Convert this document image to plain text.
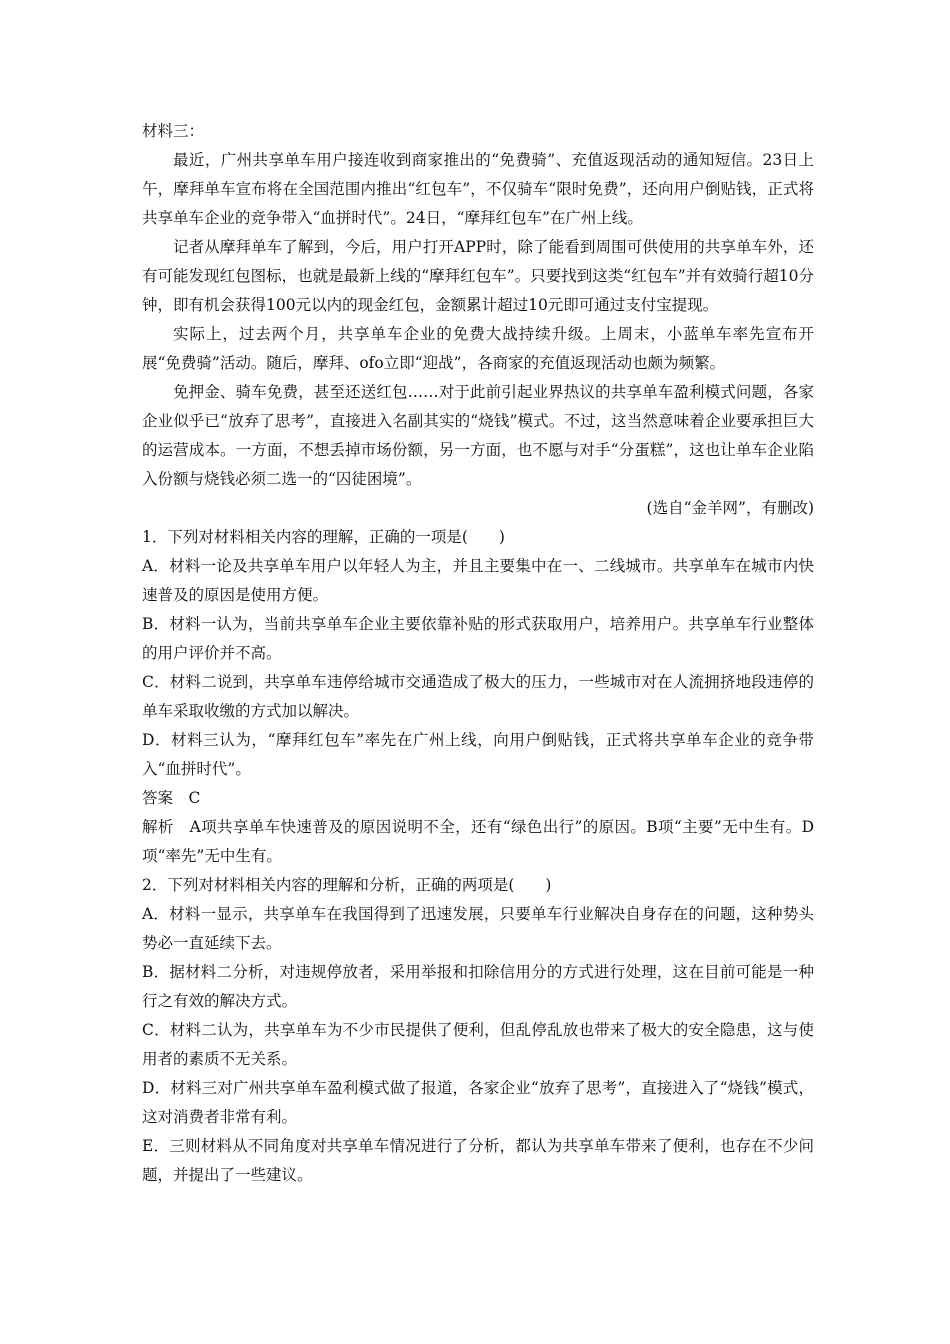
材料三：
最近，广州共享单车用户接连收到商家推出的“免费骑”、充值返现活动的通知短信。23日上午，摩拜单车宣布将在全国范围内推出“红包车”，不仅骑车“限时免费”，还向用户倒贴钱，正式将共享单车企业的竞争带入“血拼时代”。24日，“摩拜红包车”在广州上线。
记者从摩拜单车了解到，今后，用户打开APP时，除了能看到周围可供使用的共享单车外，还有可能发现红包图标，也就是最新上线的“摩拜红包车”。只要找到这类“红包车”并有效骑行超10分钟，即有机会获得100元以内的现金红包，金额累计超过10元即可通过支付宝提现。
实际上，过去两个月，共享单车企业的免费大战持续升级。上周末，小蓝单车率先宣布开展“免费骑”活动。随后，摩拜、ofo立即“迎战”，各商家的充值返现活动也颇为频繁。
免押金、骑车免费，甚至还送红包……对于此前引起业界热议的共享单车盈利模式问题，各家企业似乎已“放弃了思考”，直接进入名副其实的“烧钱”模式。不过，这当然意味着企业要承担巨大的运营成本。一方面，不想丢掉市场份额，另一方面，也不愿与对手“分蛋糕”，这也让单车企业陷入份额与烧钱必须二选一的“囚徒困境”。
(选自“金羊网”，有删改)
1．下列对材料相关内容的理解，正确的一项是(　　)
A．材料一论及共享单车用户以年轻人为主，并且主要集中在一、二线城市。共享单车在城市内快速普及的原因是使用方便。
B．材料一认为，当前共享单车企业主要依靠补贴的形式获取用户，培养用户。共享单车行业整体的用户评价并不高。
C．材料二说到，共享单车违停给城市交通造成了极大的压力，一些城市对在人流拥挤地段违停的单车采取收缴的方式加以解决。
D．材料三认为，“摩拜红包车”率先在广州上线，向用户倒贴钱，正式将共享单车企业的竞争带入“血拼时代”。
答案　C
解析　A项共享单车快速普及的原因说明不全，还有“绿色出行”的原因。B项“主要”无中生有。D项“率先”无中生有。
2．下列对材料相关内容的理解和分析，正确的两项是(　　)
A．材料一显示，共享单车在我国得到了迅速发展，只要单车行业解决自身存在的问题，这种势头势必一直延续下去。
B．据材料二分析，对违规停放者，采用举报和扣除信用分的方式进行处理，这在目前可能是一种行之有效的解决方式。
C．材料二认为，共享单车为不少市民提供了便利，但乱停乱放也带来了极大的安全隐患，这与使用者的素质不无关系。
D．材料三对广州共享单车盈利模式做了报道，各家企业“放弃了思考”，直接进入了“烧钱”模式，这对消费者非常有利。
E．三则材料从不同角度对共享单车情况进行了分析，都认为共享单车带来了便利，也存在不少问题，并提出了一些建议。
